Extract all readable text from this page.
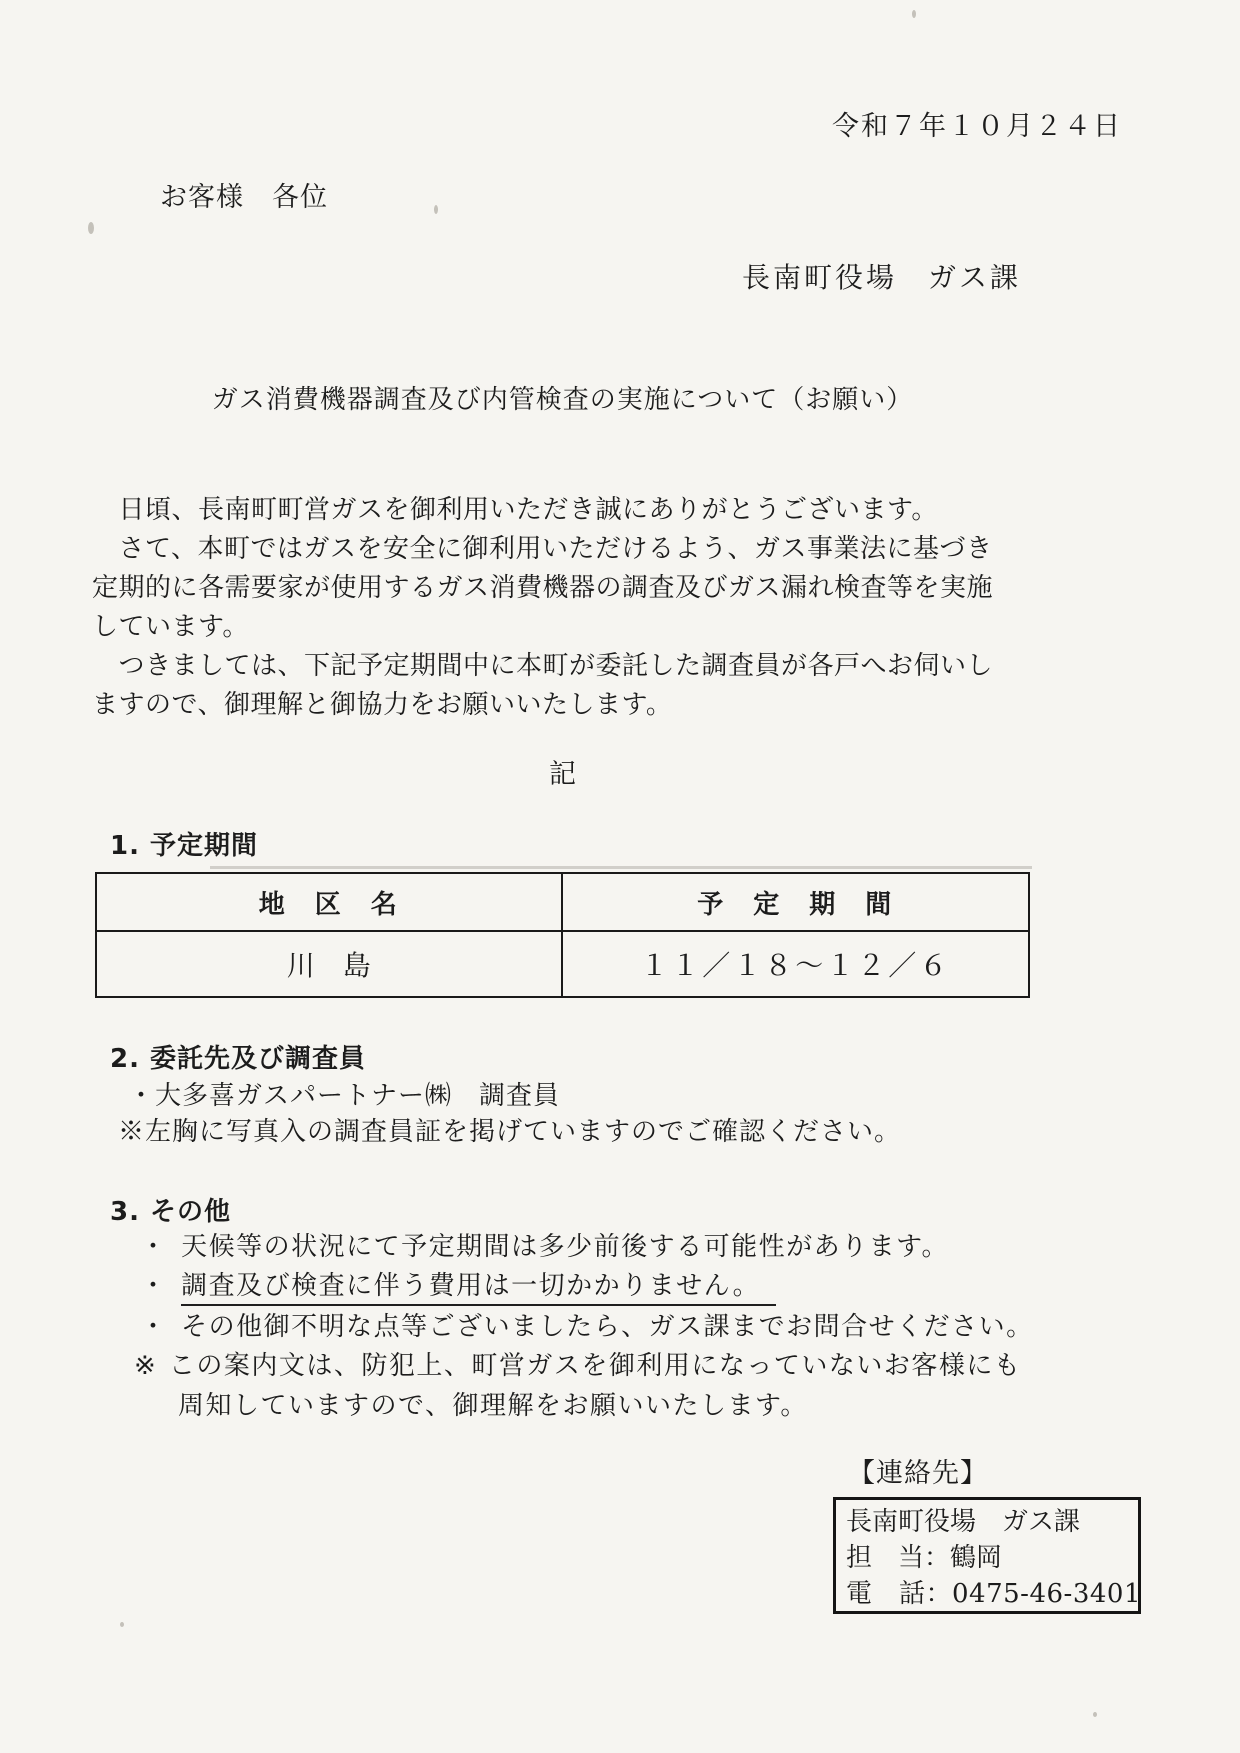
令和７年１０月２４日
お客様　各位
長南町役場　ガス課
ガス消費機器調査及び内管検査の実施について（お願い）
　日頃、長南町町営ガスを御利用いただき誠にありがとうございます。
　さて、本町ではガスを安全に御利用いただけるよう、ガス事業法に基づき
定期的に各需要家が使用するガス消費機器の調査及びガス漏れ検査等を実施
しています。
　つきましては、下記予定期間中に本町が委託した調査員が各戸へお伺いし
ますので、御理解と御協力をお願いいたします。
記
1. 予定期間
地　区　名	予　定　期　間
川　島	１１／１８～１２／６
2. 委託先及び調査員
・大多喜ガスパートナー㈱　調査員
※左胸に写真入の調査員証を掲げていますのでご確認ください。
3. その他
・ 天候等の状況にて予定期間は多少前後する可能性があります。
・ 調査及び検査に伴う費用は一切かかりません。
・ その他御不明な点等ございましたら、ガス課までお問合せください。
※ この案内文は、防犯上、町営ガスを御利用になっていないお客様にも
周知していますので、御理解をお願いいたします。
【連絡先】
長南町役場　ガス課
担　当：鶴岡
電　話：0475-46-3401
